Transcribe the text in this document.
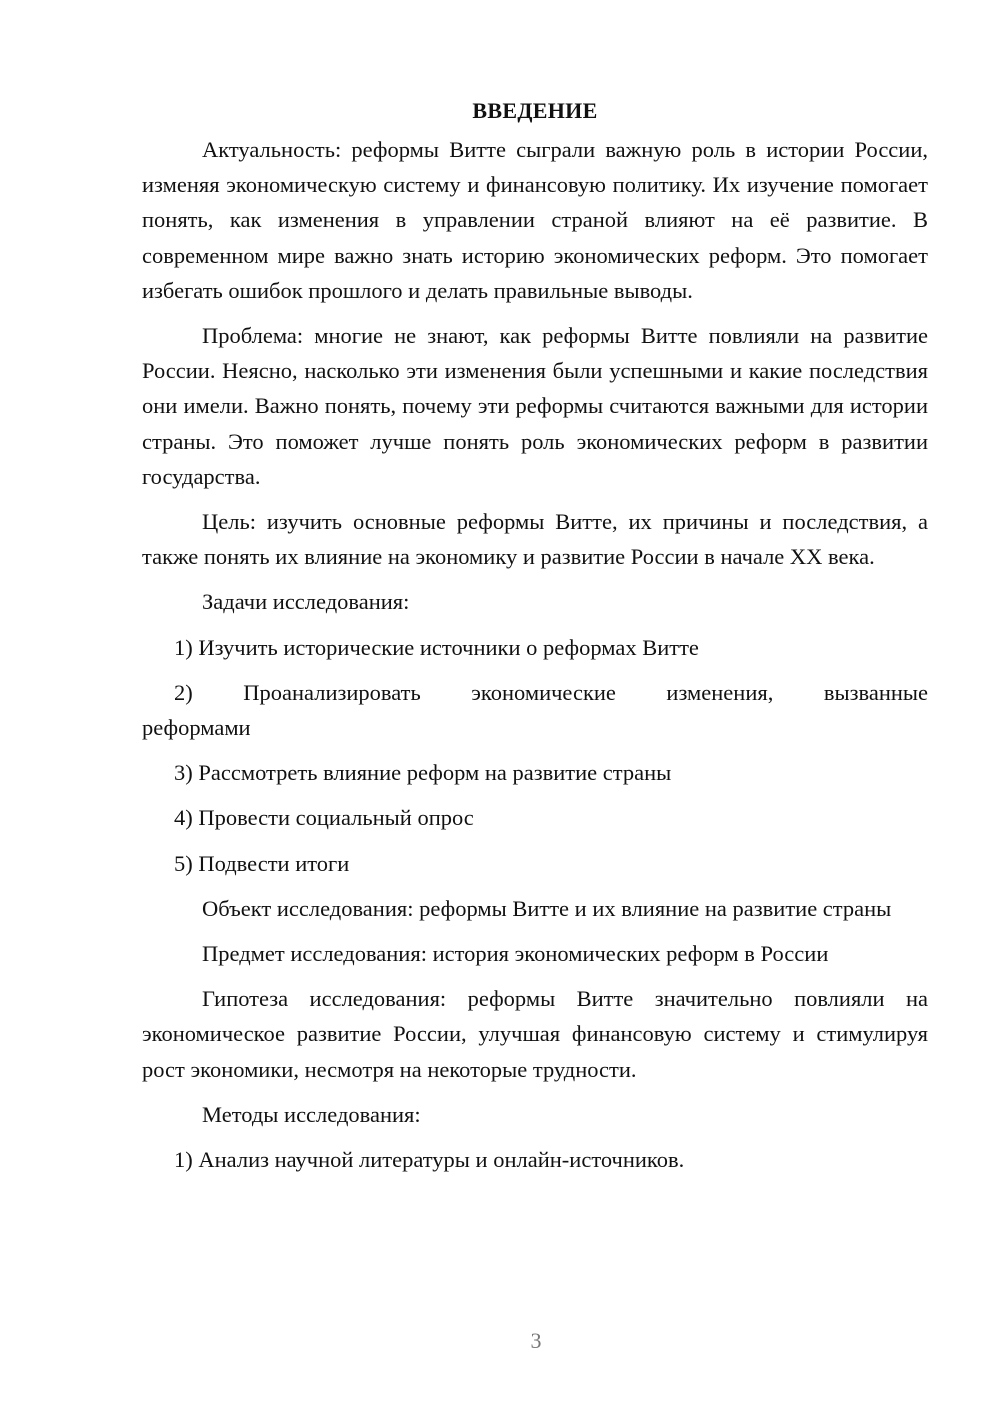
ВВЕДЕНИЕ

Актуальность: реформы Витте сыграли важную роль в истории России, изменяя экономическую систему и финансовую политику. Их изучение помогает понять, как изменения в управлении страной влияют на её развитие. В современном мире важно знать историю экономических реформ. Это помогает избегать ошибок прошлого и делать правильные выводы.

Проблема: многие не знают, как реформы Витте повлияли на развитие России. Неясно, насколько эти изменения были успешными и какие последствия они имели. Важно понять, почему эти реформы считаются важными для истории страны. Это поможет лучше понять роль экономических реформ в развитии государства.

Цель: изучить основные реформы Витте, их причины и последствия, а также понять их влияние на экономику и развитие России в начале XX века.

Задачи исследования:

1) Изучить исторические источники о реформах Витте

2) Проанализировать экономические изменения, вызванные реформами

3) Рассмотреть влияние реформ на развитие страны

4) Провести социальный опрос

5) Подвести итоги

Объект исследования: реформы Витте и их влияние на развитие страны

Предмет исследования: история экономических реформ в России

Гипотеза исследования: реформы Витте значительно повлияли на экономическое развитие России, улучшая финансовую систему и стимулируя рост экономики, несмотря на некоторые трудности.

Методы исследования:

1) Анализ научной литературы и онлайн-источников.

3
